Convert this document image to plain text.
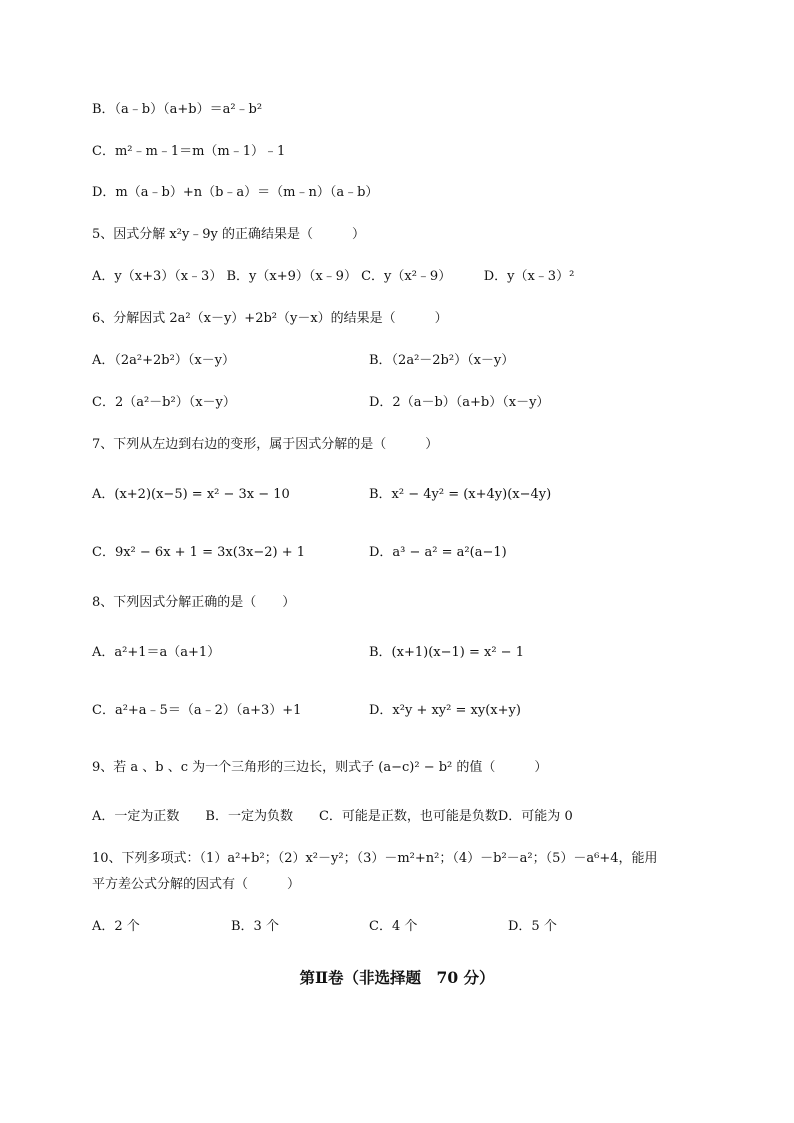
B．（a﹣b）（a+b）＝a²﹣b²
C．m²﹣m﹣1＝m（m﹣1）﹣1
D．m（a﹣b）+n（b﹣a）＝（m﹣n）（a﹣b）
5、因式分解 x²y﹣9y 的正确结果是（　　　）
A．y（x+3）（x﹣3） B．y（x+9）（x﹣9） C．y（x²﹣9）　　　D．y（x﹣3）²
6、分解因式 2a²（x－y）+2b²（y－x）的结果是（　　　）
A．（2a²+2b²）（x－y）	B．（2a²－2b²）（x－y）
C．2（a²－b²）（x－y）	D．2（a－b）（a+b）（x－y）
7、下列从左边到右边的变形，属于因式分解的是（　　　）
A．(x+2)(x−5) = x² − 3x − 10	B．x² − 4y² = (x+4y)(x−4y)
C．9x² − 6x + 1 = 3x(3x−2) + 1	D．a³ − a² = a²(a−1)
8、下列因式分解正确的是（　　）
A．a²+1＝a（a+1）	B．(x+1)(x−1) = x² − 1
C．a²+a﹣5＝（a﹣2）（a+3）+1	D．x²y + xy² = xy(x+y)
9、若 a 、b 、c 为一个三角形的三边长，则式子 (a−c)² − b² 的值（　　　）
A．一定为正数　　B．一定为负数　　C．可能是正数，也可能是负数D．可能为 0
10、下列多项式：（1）a²+b²；（2）x²－y²；（3）－m²+n²；（4）－b²－a²；（5）－a⁶+4，能用
平方差公式分解的因式有（　　　）
A．2 个	B．3 个	C．4 个	D．5 个
第Ⅱ卷（非选择题　70 分）
